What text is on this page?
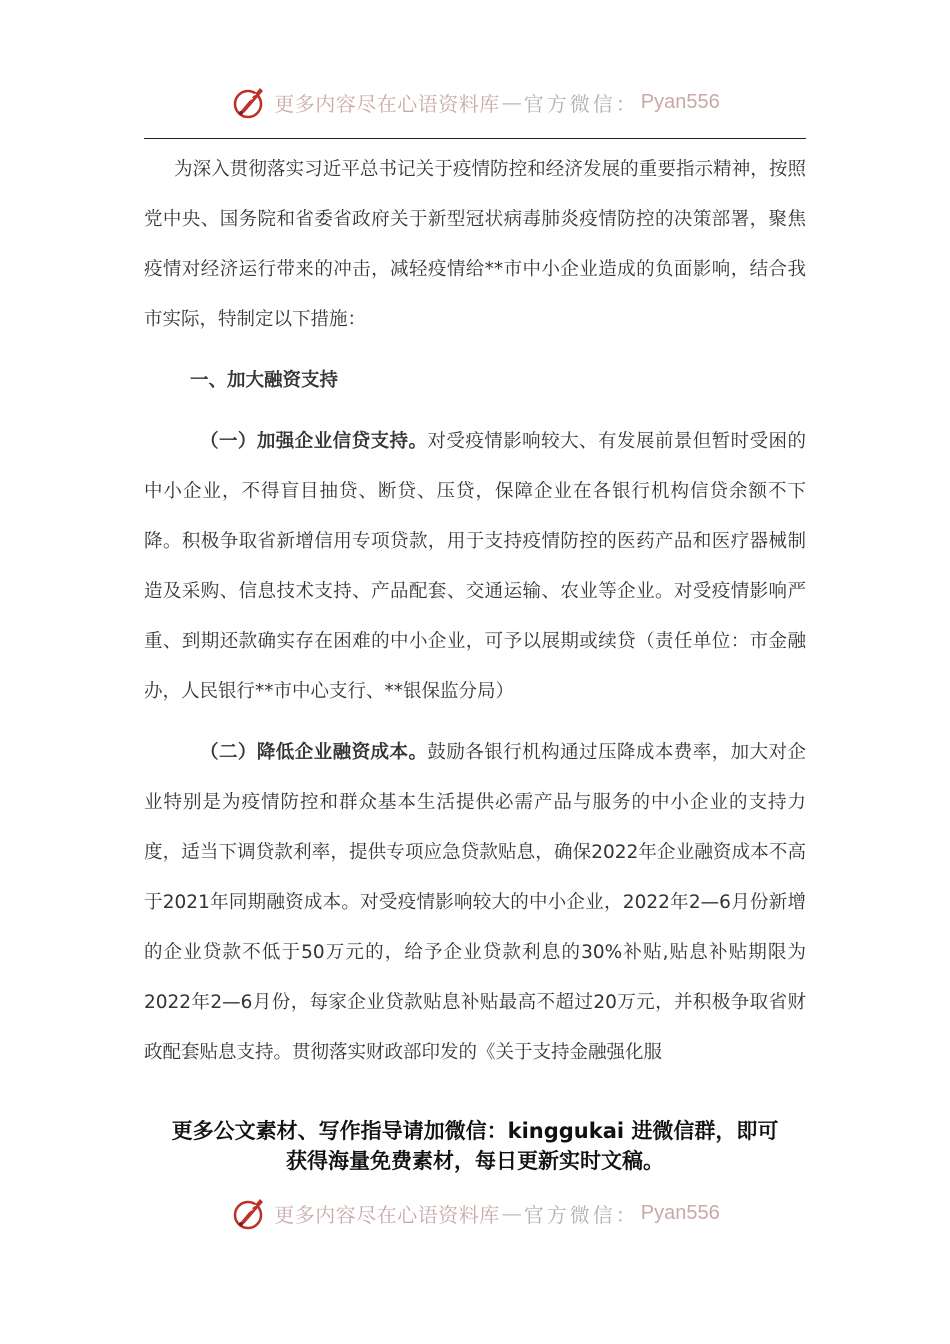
更多内容尽在心语资料库 — 官方微信： Pyan556

为深入贯彻落实习近平总书记关于疫情防控和经济发展的重要指示精神，按照党中央、国务院和省委省政府关于新型冠状病毒肺炎疫情防控的决策部署，聚焦疫情对经济运行带来的冲击，减轻疫情给**市中小企业造成的负面影响，结合我市实际，特制定以下措施：

一、加大融资支持

（一）加强企业信贷支持。对受疫情影响较大、有发展前景但暂时受困的中小企业，不得盲目抽贷、断贷、压贷，保障企业在各银行机构信贷余额不下降。积极争取省新增信用专项贷款，用于支持疫情防控的医药产品和医疗器械制造及采购、信息技术支持、产品配套、交通运输、农业等企业。对受疫情影响严重、到期还款确实存在困难的中小企业，可予以展期或续贷（责任单位：市金融办，人民银行**市中心支行、**银保监分局）

（二）降低企业融资成本。鼓励各银行机构通过压降成本费率，加大对企业特别是为疫情防控和群众基本生活提供必需产品与服务的中小企业的支持力度，适当下调贷款利率，提供专项应急贷款贴息，确保2022年企业融资成本不高于2021年同期融资成本。对受疫情影响较大的中小企业，2022年2—6月份新增的企业贷款不低于50万元的，给予企业贷款利息的30%补贴,贴息补贴期限为2022年2—6月份，每家企业贷款贴息补贴最高不超过20万元，并积极争取省财政配套贴息支持。贯彻落实财政部印发的《关于支持金融强化服

更多公文素材、写作指导请加微信：kinggukai 进微信群，即可
获得海量免费素材，每日更新实时文稿。
更多内容尽在心语资料库 — 官方微信： Pyan556
